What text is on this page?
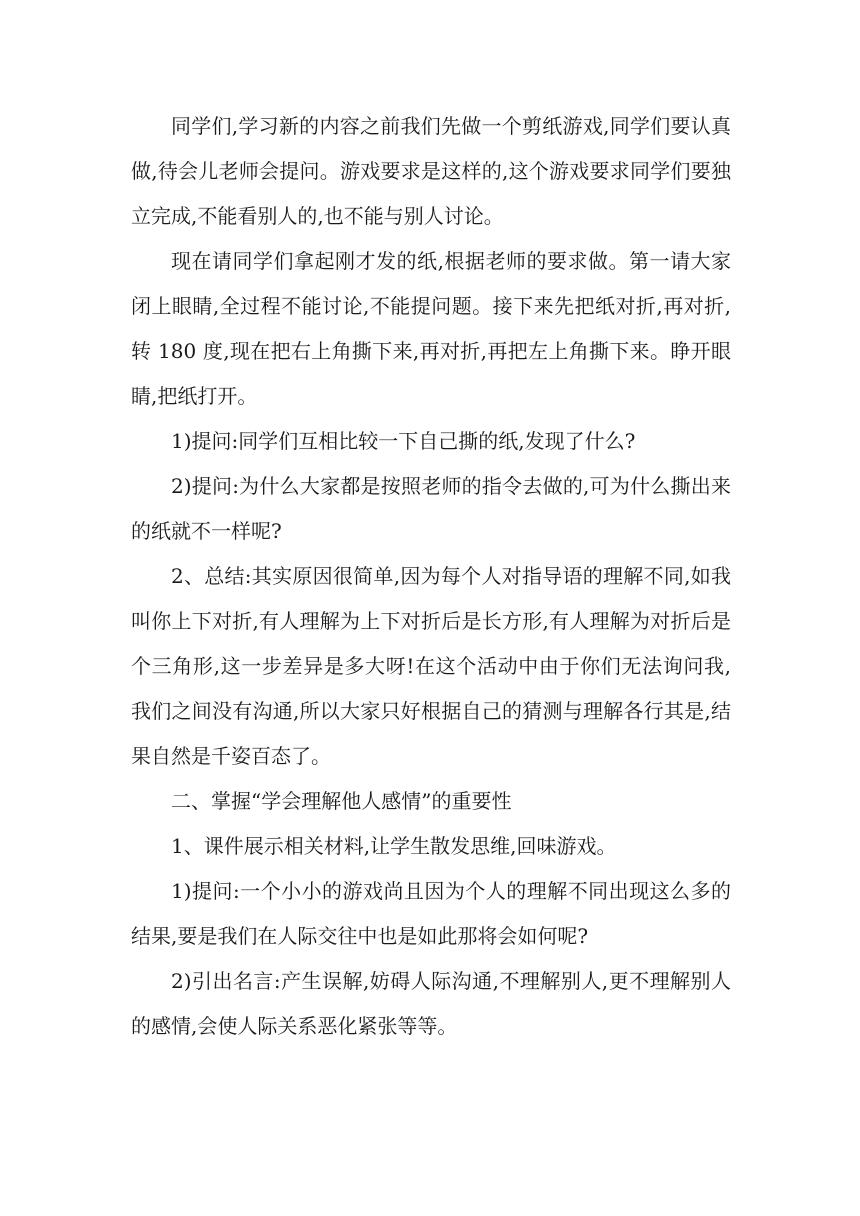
同学们,学习新的内容之前我们先做一个剪纸游戏,同学们要认真做,待会儿老师会提问。游戏要求是这样的,这个游戏要求同学们要独立完成,不能看别人的,也不能与别人讨论。

现在请同学们拿起刚才发的纸,根据老师的要求做。第一请大家闭上眼睛,全过程不能讨论,不能提问题。接下来先把纸对折,再对折,转 180 度,现在把右上角撕下来,再对折,再把左上角撕下来。睁开眼睛,把纸打开。

1)提问:同学们互相比较一下自己撕的纸,发现了什么?

2)提问:为什么大家都是按照老师的指令去做的,可为什么撕出来的纸就不一样呢?

2、总结:其实原因很简单,因为每个人对指导语的理解不同,如我叫你上下对折,有人理解为上下对折后是长方形,有人理解为对折后是个三角形,这一步差异是多大呀!在这个活动中由于你们无法询问我,我们之间没有沟通,所以大家只好根据自己的猜测与理解各行其是,结果自然是千姿百态了。

二、掌握“学会理解他人感情”的重要性

1、课件展示相关材料,让学生散发思维,回味游戏。

1)提问:一个小小的游戏尚且因为个人的理解不同出现这么多的结果,要是我们在人际交往中也是如此那将会如何呢?

2)引出名言:产生误解,妨碍人际沟通,不理解别人,更不理解别人的感情,会使人际关系恶化紧张等等。
